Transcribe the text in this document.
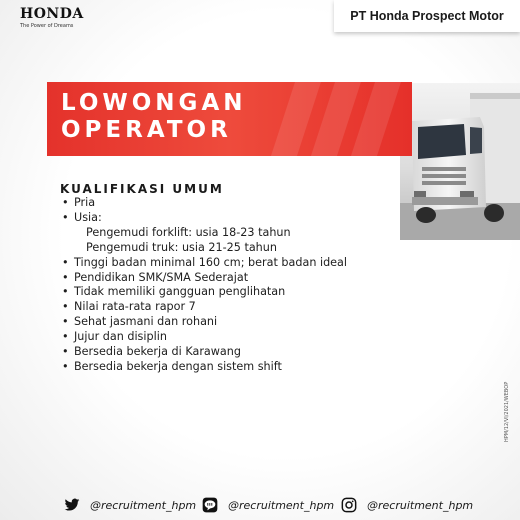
HONDA
The Power of Dreams
PT Honda Prospect Motor
LOWONGAN
OPERATOR
KUALIFIKASI UMUM
• Pria
• Usia:
Pengemudi forklift: usia 18-23 tahun
Pengemudi truk: usia 21-25 tahun
• Tinggi badan minimal 160 cm; berat badan ideal
• Pendidikan SMK/SMA Sederajat
• Tidak memiliki gangguan penglihatan
• Nilai rata-rata rapor 7
• Sehat jasmani dan rohani
• Jujur dan disiplin
• Bersedia bekerja di Karawang
• Bersedia bekerja dengan sistem shift
HPM/12/VI/2021/WEBOP
@recruitment_hpm	@recruitment_hpm	@recruitment_hpm
